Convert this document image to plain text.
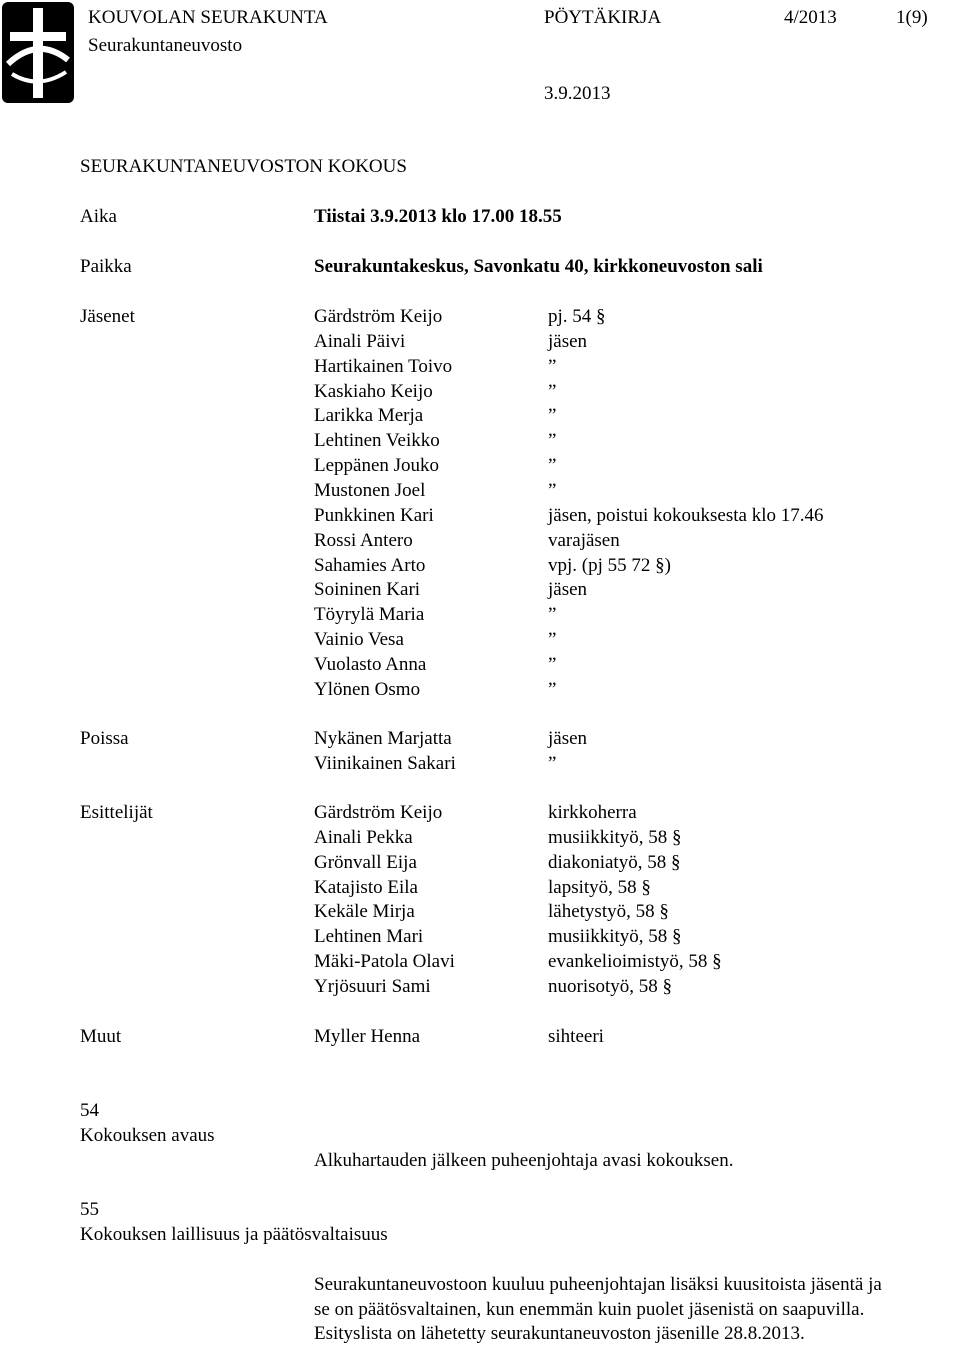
KOUVOLAN SEURAKUNTA
Seurakuntaneuvosto
PÖYTÄKIRJA	4/2013	1(9)
3.9.2013
SEURAKUNTANEUVOSTON KOKOUS
Aika	Tiistai 3.9.2013 klo 17.00 18.55
Paikka	Seurakuntakeskus, Savonkatu 40, kirkkoneuvoston sali
Jäsenet	Gärdström Keijo	pj. 54 §
Ainali Päivi	jäsen
Hartikainen Toivo	”
Kaskiaho Keijo	”
Larikka Merja	”
Lehtinen Veikko	”
Leppänen Jouko	”
Mustonen Joel	”
Punkkinen Kari	jäsen, poistui kokouksesta klo 17.46
Rossi Antero	varajäsen
Sahamies Arto	vpj. (pj 55 72 §)
Soininen Kari	jäsen
Töyrylä Maria	”
Vainio Vesa	”
Vuolasto Anna	”
Ylönen Osmo	”
Poissa	Nykänen Marjatta	jäsen
Viinikainen Sakari	”
Esittelijät	Gärdström Keijo	kirkkoherra
Ainali Pekka	musiikkityö, 58 §
Grönvall Eija	diakoniatyö, 58 §
Katajisto Eila	lapsityö, 58 §
Kekäle Mirja	lähetystyö, 58 §
Lehtinen Mari	musiikkityö, 58 §
Mäki-Patola Olavi	evankelioimistyö, 58 §
Yrjösuuri Sami	nuorisotyö, 58 §
Muut	Myller Henna	sihteeri
54
Kokouksen avaus
Alkuhartauden jälkeen puheenjohtaja avasi kokouksen.
55
Kokouksen laillisuus ja päätösvaltaisuus
Seurakuntaneuvostoon kuuluu puheenjohtajan lisäksi kuusitoista jäsentä ja
se on päätösvaltainen, kun enemmän kuin puolet jäsenistä on saapuvilla.
Esityslista on lähetetty seurakuntaneuvoston jäsenille 28.8.2013.
